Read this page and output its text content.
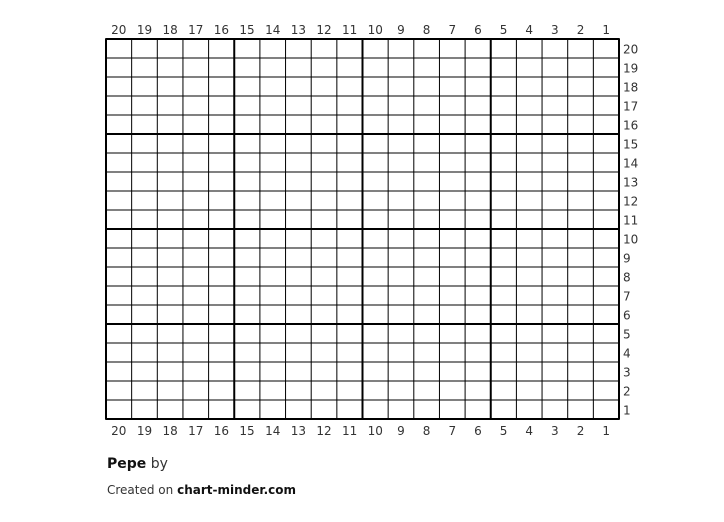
20
20
19
19
18
18
17
17
16
16
15
15
14
14
13
13
12
12
11
11
10
10
9
9
8
8
7
7
6
6
5
5
4
4
3
3
2
2
1
1
20
19
18
17
16
15
14
13
12
11
10
9
8
7
6
5
4
3
2
1
Pepe by
Created on chart-minder.com
